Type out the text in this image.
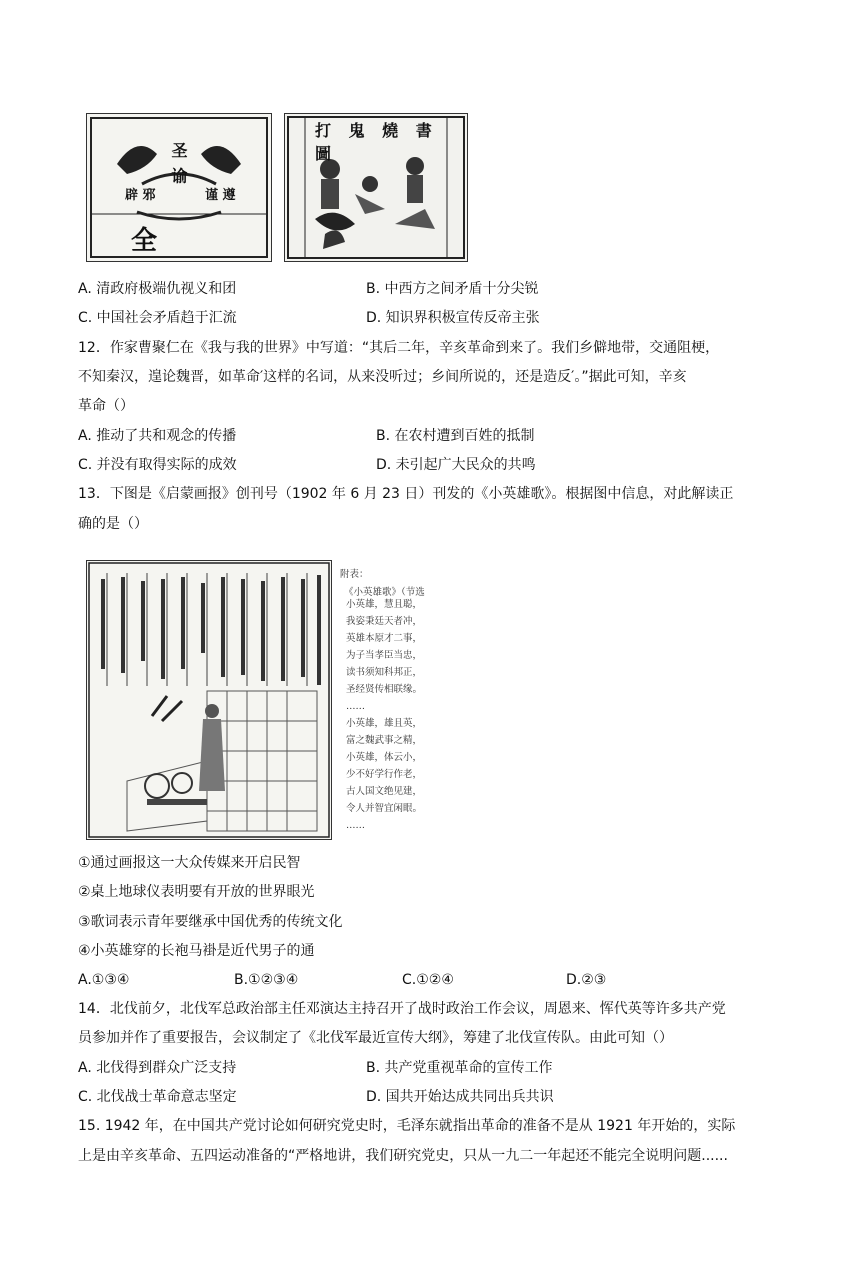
圣 谕
辟 邪	谨 遵
全
打 鬼 燒 書 圖
A. 清政府极端仇视义和团	B. 中西方之间矛盾十分尖锐
C. 中国社会矛盾趋于汇流	D. 知识界积极宣传反帝主张
12．作家曹聚仁在《我与我的世界》中写道：“其后二年，辛亥革命到来了。我们乡僻地带，交通阻梗，
不知秦汉，遑论魏晋，如革命′这样的名词，从来没听过；乡间所说的，还是造反′。”据此可知，辛亥
革命（）
A. 推动了共和观念的传播	B. 在农村遭到百姓的抵制
C. 并没有取得实际的成效	D. 未引起广大民众的共鸣
13．下图是《启蒙画报》创刊号（1902 年 6 月 23 日）刊发的《小英雄歌》。根据图中信息，对此解读正
确的是（）
附表：
《小英雄歌》（节选
小英雄，慧且聪，
我姿秉廷天者冲，
英雄本原才二事，
为子当孝臣当忠，
读书须知科邦正，
圣经贤传相联缘。
……
小英雄，雄且英，
富之魏武事之精，
小英雄，体云小，
少不好学行作老，
古人国文绝见建，
令人并智宜闲眼。
……
①通过画报这一大众传媒来开启民智
②桌上地球仪表明要有开放的世界眼光
③歌词表示青年要继承中国优秀的传统文化
④小英雄穿的长袍马褂是近代男子的通
A.①③④	B.①②③④	C.①②④	D.②③
14．北伐前夕，北伐军总政治部主任邓演达主持召开了战时政治工作会议，周恩来、恽代英等许多共产党
员参加并作了重要报告，会议制定了《北伐军最近宣传大纲》，筹建了北伐宣传队。由此可知（）
A. 北伐得到群众广泛支持	B. 共产党重视革命的宣传工作
C. 北伐战士革命意志坚定	D. 国共开始达成共同出兵共识
15. 1942 年，在中国共产党讨论如何研究党史时，毛泽东就指出革命的准备不是从 1921 年开始的，实际
上是由辛亥革命、五四运动准备的“严格地讲，我们研究党史，只从一九二一年起还不能完全说明问题......
